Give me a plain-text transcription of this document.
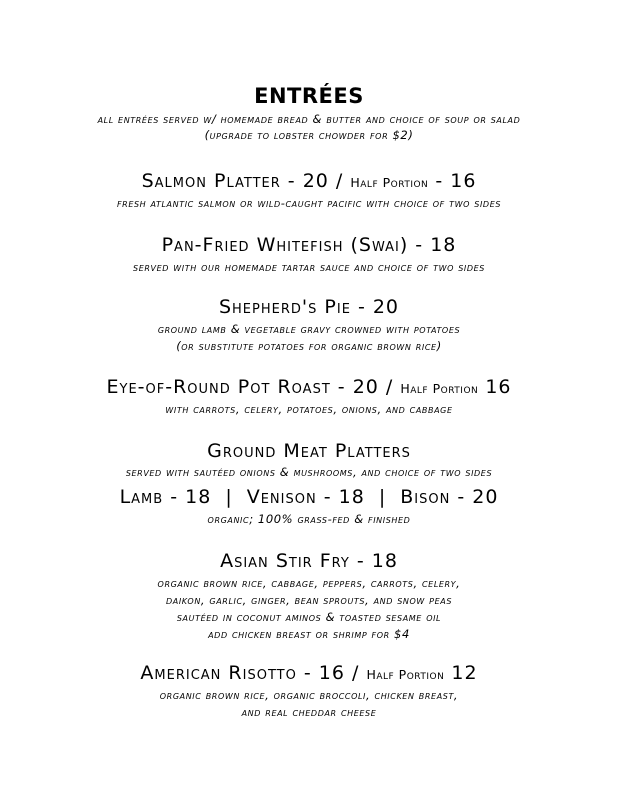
ENTRÉES
all entrées served w/ homemade bread & butter and choice of soup or salad
(upgrade to lobster chowder for $2)
Salmon Platter - 20 / Half Portion - 16
fresh atlantic salmon or wild-caught pacific with choice of two sides
Pan-Fried Whitefish (Swai) - 18
served with our homemade tartar sauce and choice of two sides
Shepherd's Pie - 20
ground lamb & vegetable gravy crowned with potatoes
(or substitute potatoes for organic brown rice)
Eye-of-Round Pot Roast - 20 / Half Portion 16
with carrots, celery, potatoes, onions, and cabbage
Ground Meat Platters
served with sautéed onions & mushrooms, and choice of two sides
Lamb - 18 | Venison - 18 | Bison - 20
organic; 100% grass-fed & finished
Asian Stir Fry - 18
organic brown rice, cabbage, peppers, carrots, celery,
daikon, garlic, ginger, bean sprouts, and snow peas
sautéed in coconut aminos & toasted sesame oil
add chicken breast or shrimp for $4
American Risotto - 16 / Half Portion 12
organic brown rice, organic broccoli, chicken breast,
and real cheddar cheese
